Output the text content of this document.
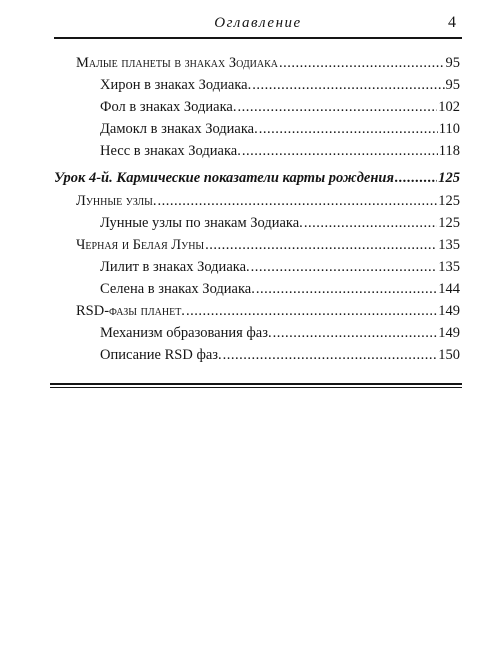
Оглавление	4
Малые планеты в знаках Зодиака .....	95
Хирон в знаках Зодиака. .....	95
Фол в знаках Зодиака. .....	102
Дамокл в знаках Зодиака. .....	110
Несс в знаках Зодиака. .....	118
Урок 4-й. Кармические показатели карты рождения .....	125
Лунные узлы. .....	125
Лунные узлы по знакам Зодиака. .....	125
Черная и Белая Луны .....	135
Лилит в знаках Зодиака. .....	135
Селена в знаках Зодиака. .....	144
RSD-фазы планет. .....	149
Механизм образования фаз. .....	149
Описание RSD фаз. .....	150
